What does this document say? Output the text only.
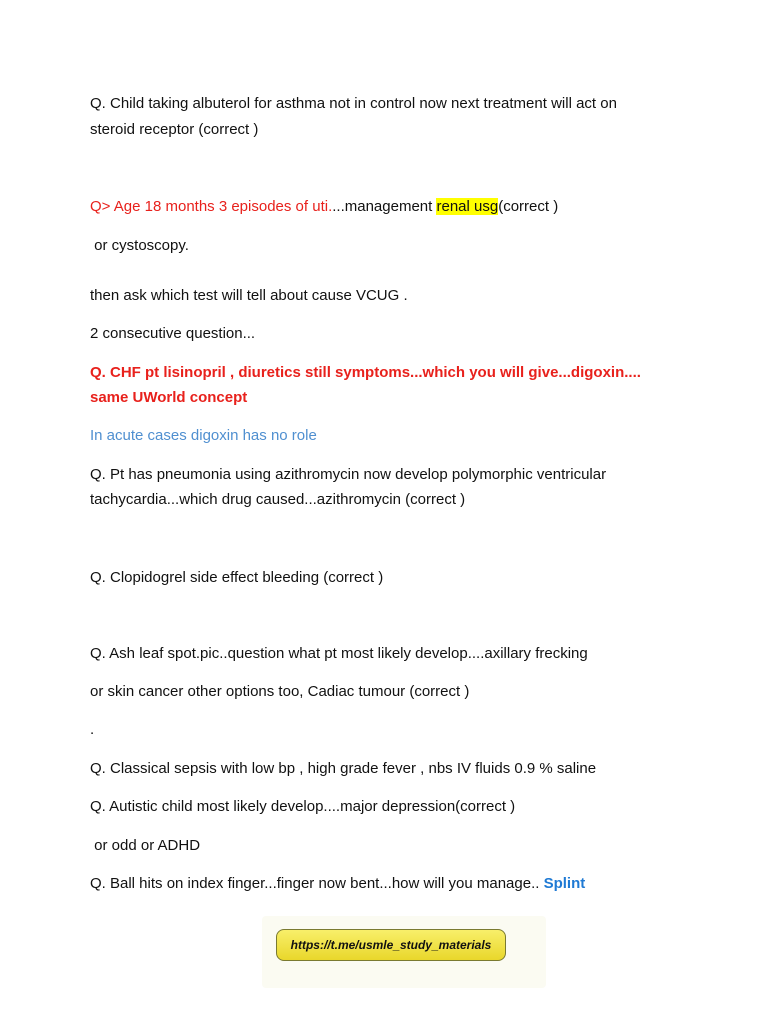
Q. Child taking albuterol for asthma not in control now next treatment will act on
steroid receptor (correct )
Q> Age 18 months 3 episodes of uti....management renal usg(correct )
or cystoscopy.
then ask which test will tell about cause VCUG .
2 consecutive question...
Q. CHF pt lisinopril , diuretics still symptoms...which you will give...digoxin....
same UWorld concept
In acute cases digoxin has no role
Q. Pt has pneumonia using azithromycin now develop polymorphic ventricular
tachycardia...which drug caused...azithromycin (correct )
Q. Clopidogrel side effect bleeding (correct )
Q. Ash leaf spot.pic..question what pt most likely develop....axillary frecking
or skin cancer other options too, Cadiac tumour (correct )
.
Q. Classical sepsis with low bp , high grade fever , nbs IV fluids 0.9 % saline
Q. Autistic child most likely develop....major depression(correct )
or odd or ADHD
Q. Ball hits on index finger...finger now bent...how will you manage.. Splint
https://t.me/usmle_study_materials
